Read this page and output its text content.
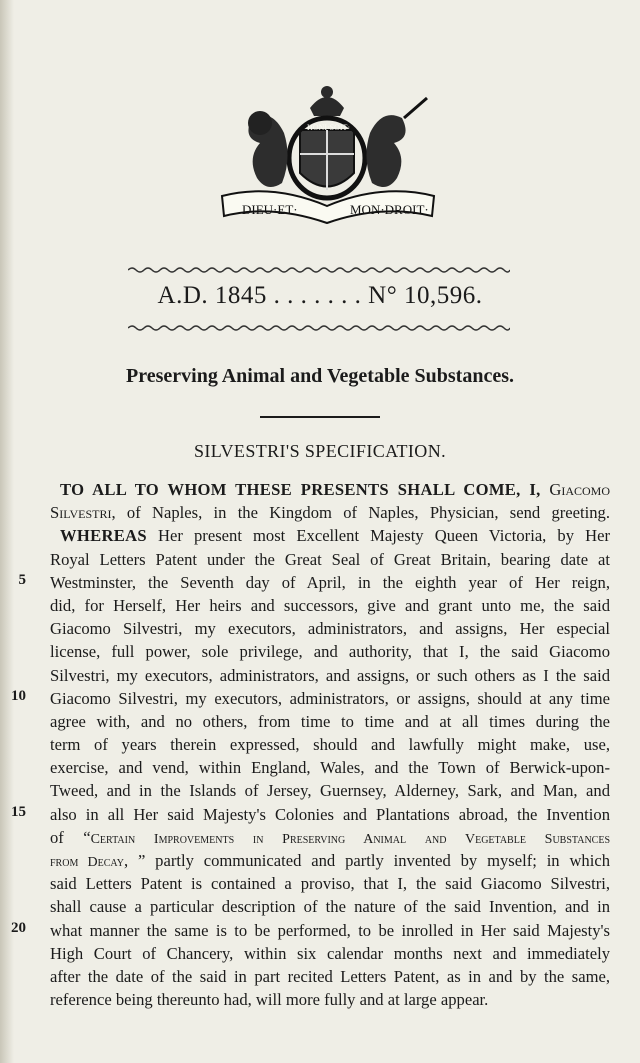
DIEU·ET·	MON·DROIT·
HONI·SOIT·
A.D. 1845 . . . . . . . N° 10,596.
Preserving Animal and Vegetable Substances.
SILVESTRI'S SPECIFICATION.
5
10
15
20
TO ALL TO WHOM THESE PRESENTS SHALL COME, I, Giacomo
Silvestri, of Naples, in the Kingdom of Naples, Physician, send greeting.
WHEREAS Her present most Excellent Majesty Queen Victoria, by Her
Royal Letters Patent under the Great Seal of Great Britain, bearing date at
Westminster, the Seventh day of April, in the eighth year of Her reign,
did, for Herself, Her heirs and successors, give and grant unto me, the said
Giacomo Silvestri, my executors, administrators, and assigns, Her especial
license, full power, sole privilege, and authority, that I, the said Giacomo
Silvestri, my executors, administrators, and assigns, or such others as I the said
Giacomo Silvestri, my executors, administrators, or assigns, should at any time
agree with, and no others, from time to time and at all times during the
term of years therein expressed, should and lawfully might make, use,
exercise, and vend, within England, Wales, and the Town of Berwick-upon-
Tweed, and in the Islands of Jersey, Guernsey, Alderney, Sark, and Man, and
also in all Her said Majesty's Colonies and Plantations abroad, the Invention
of “Certain Improvements in Preserving Animal and Vegetable Substances
from Decay, ” partly communicated and partly invented by myself; in which
said Letters Patent is contained a proviso, that I, the said Giacomo Silvestri,
shall cause a particular description of the nature of the said Invention, and in
what manner the same is to be performed, to be inrolled in Her said Majesty's
High Court of Chancery, within six calendar months next and immediately
after the date of the said in part recited Letters Patent, as in and by the same,
reference being thereunto had, will more fully and at large appear.
